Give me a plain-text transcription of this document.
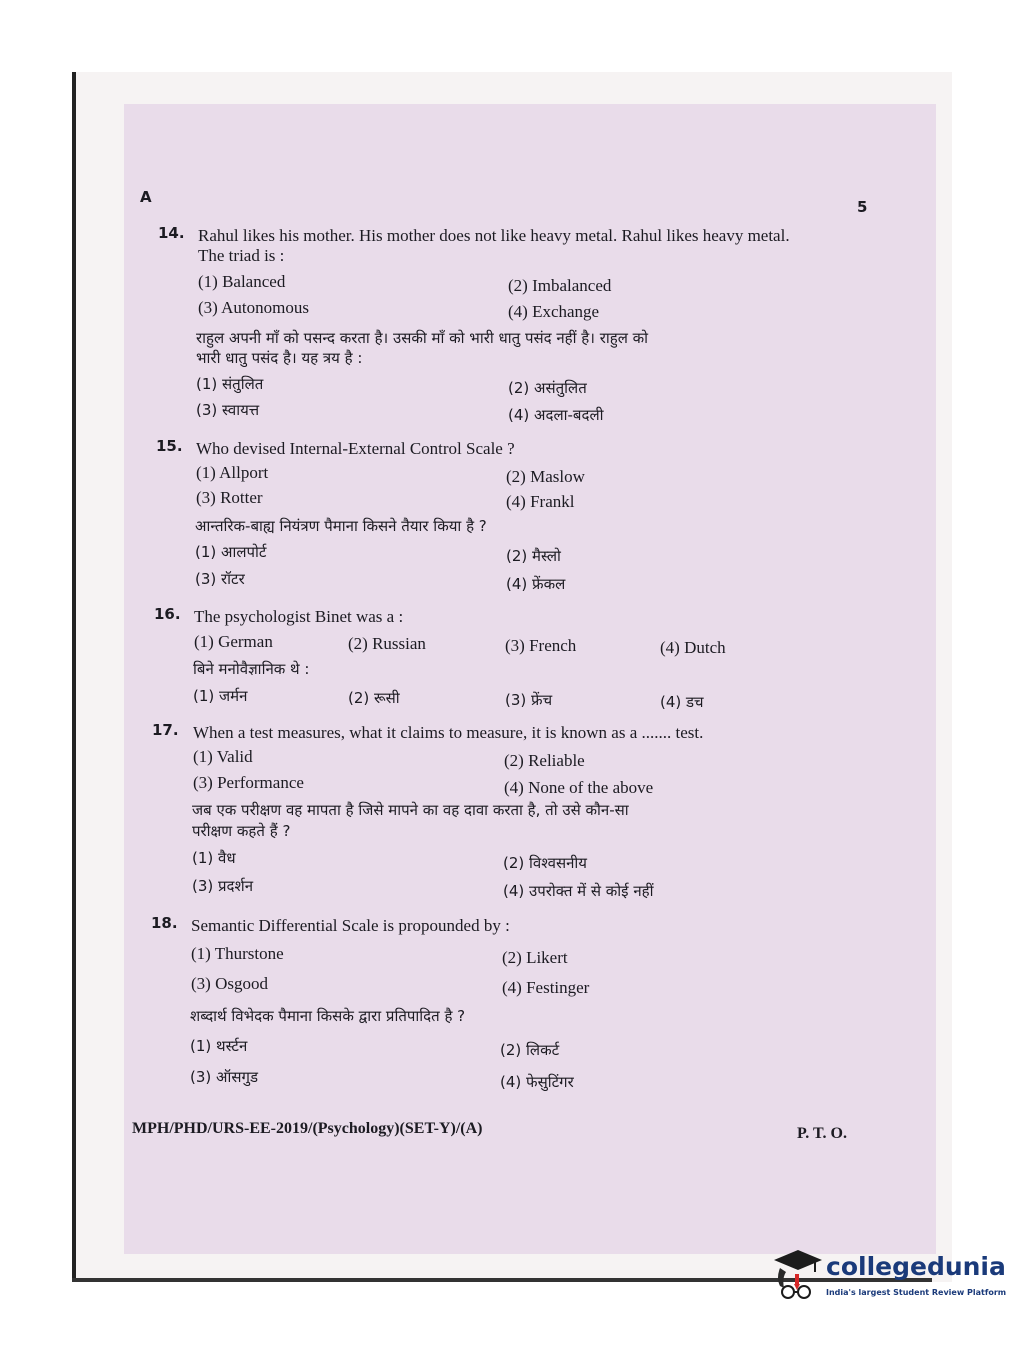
A
5
14. Rahul likes his mother. His mother does not like heavy metal. Rahul likes heavy metal.
The triad is :
(1) Balanced	(2) Imbalanced
(3) Autonomous	(4) Exchange
राहुल अपनी माँ को पसन्द करता है। उसकी माँ को भारी धातु पसंद नहीं है। राहुल को
भारी धातु पसंद है। यह त्रय है :
(1) संतुलित	(2) असंतुलित
(3) स्वायत्त	(4) अदला-बदली
15. Who devised Internal-External Control Scale ?
(1) Allport	(2) Maslow
(3) Rotter	(4) Frankl
आन्तरिक-बाह्य नियंत्रण पैमाना किसने तैयार किया है ?
(1) आलपोर्ट	(2) मैस्लो
(3) रॉटर	(4) फ्रेंकल
16. The psychologist Binet was a :
(1) German	(2) Russian	(3) French	(4) Dutch
बिने मनोवैज्ञानिक थे :
(1) जर्मन	(2) रूसी	(3) फ्रेंच	(4) डच
17. When a test measures, what it claims to measure, it is known as a ....... test.
(1) Valid	(2) Reliable
(3) Performance	(4) None of the above
जब एक परीक्षण वह मापता है जिसे मापने का वह दावा करता है, तो उसे कौन-सा
परीक्षण कहते हैं ?
(1) वैध	(2) विश्वसनीय
(3) प्रदर्शन	(4) उपरोक्त में से कोई नहीं
18. Semantic Differential Scale is propounded by :
(1) Thurstone	(2) Likert
(3) Osgood	(4) Festinger
शब्दार्थ विभेदक पैमाना किसके द्वारा प्रतिपादित है ?
(1) थर्स्टन	(2) लिकर्ट
(3) ऑसगुड	(4) फेसुटिंगर
MPH/PHD/URS-EE-2019/(Psychology)(SET-Y)/(A)	P. T. O.
collegedunia
India's largest Student Review Platform
